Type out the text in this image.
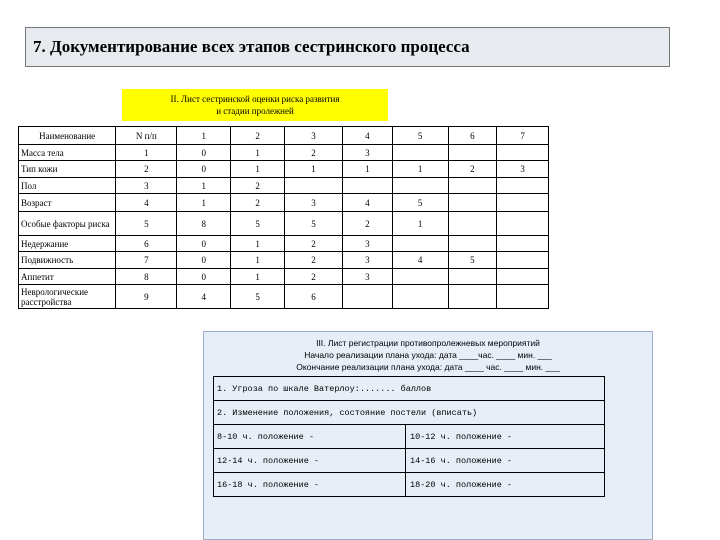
7. Документирование всех этапов сестринского процесса
II. Лист сестринской оценки риска развития
и стадии пролежней
Наименование	N п/п	1	2	3	4	5	6	7
Масса тела	1	0	1	2	3			
Тип кожи	2	0	1	1	1	1	2	3
Пол	3	1	2					
Возраст	4	1	2	3	4	5		
Особые факторы риска	5	8	5	5	2	1		
Недержание	6	0	1	2	3			
Подвижность	7	0	1	2	3	4	5	
Аппетит	8	0	1	2	3			
Неврологические расстройства	9	4	5	6				
III. Лист регистрации противопролежневых мероприятий
Начало реализации плана ухода: дата ____час. ____ мин. ___
Окончание реализации плана ухода: дата ____ час. ____ мин. ___
1. Угроза по шкале Ватерлоу:....... баллов
2. Изменение положения, состояние постели (вписать)
8-10 ч. положение -	10-12 ч. положение -
12-14 ч. положение -	14-16 ч. положение -
16-18 ч. положение -	18-20 ч. положение -
